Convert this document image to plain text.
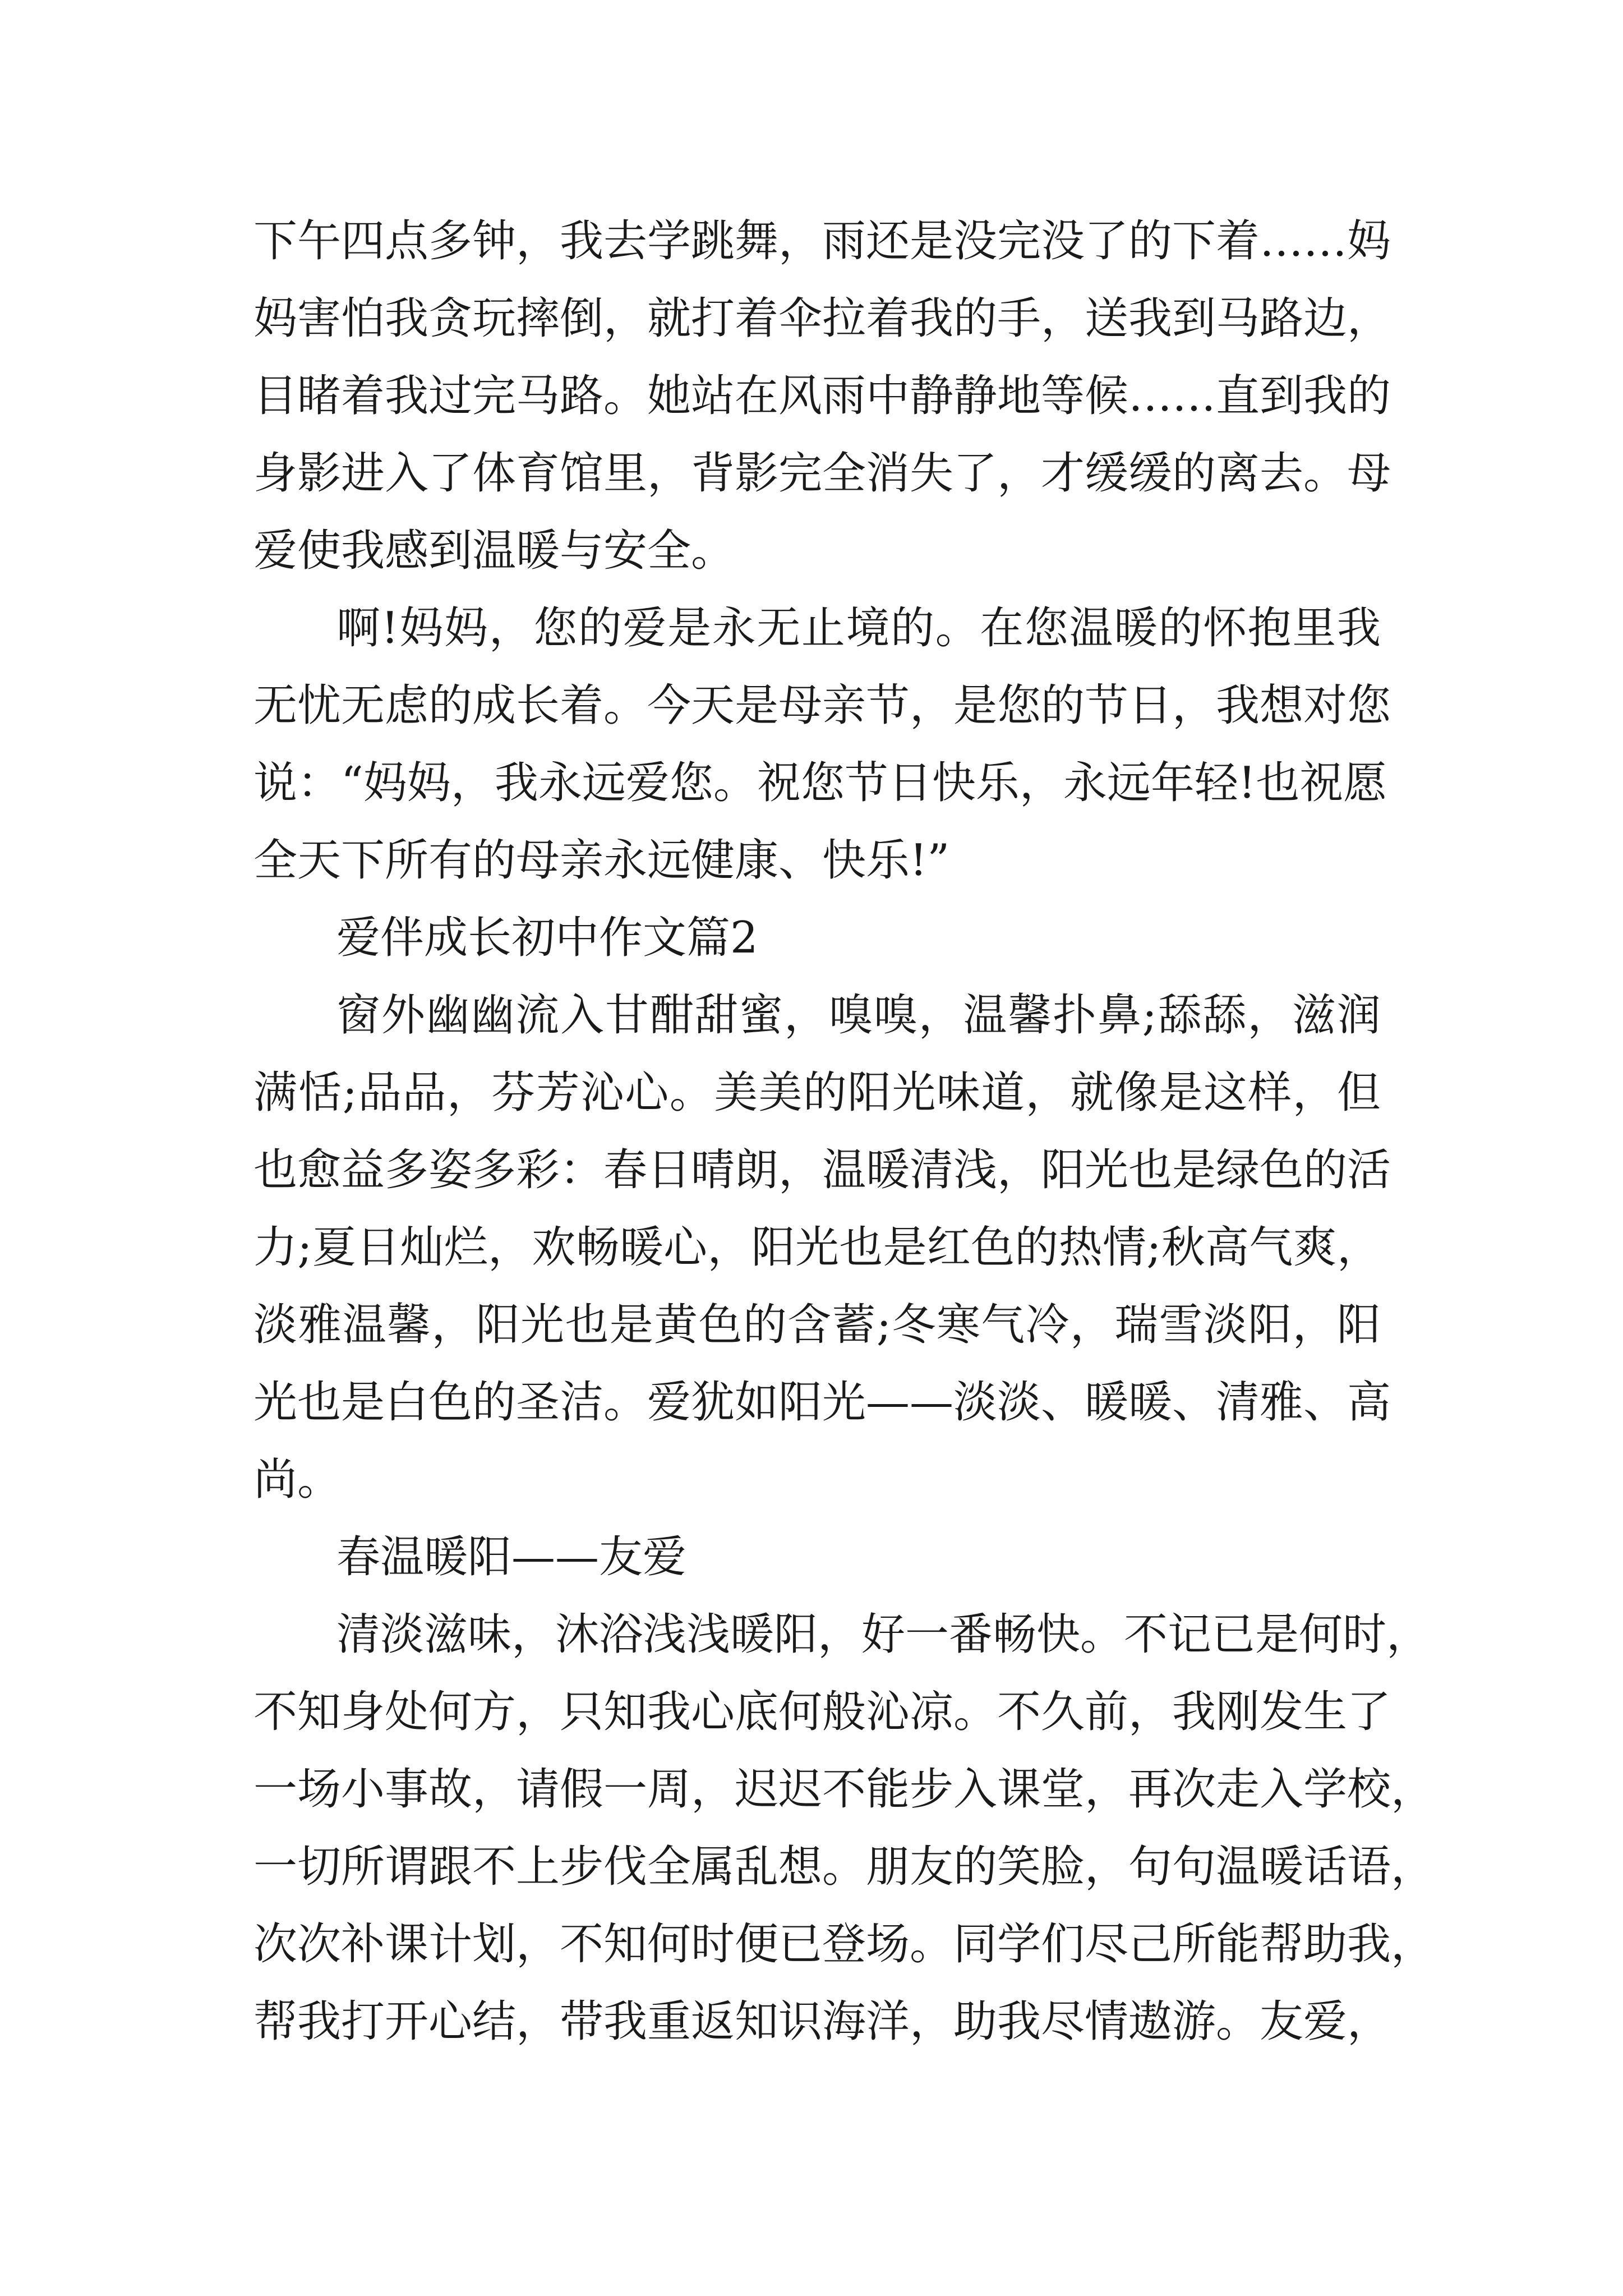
下午四点多钟，我去学跳舞，雨还是没完没了的下着……妈
妈害怕我贪玩摔倒，就打着伞拉着我的手，送我到马路边，
目睹着我过完马路。她站在风雨中静静地等候……直到我的
身影进入了体育馆里，背影完全消失了，才缓缓的离去。母
爱使我感到温暖与安全。
啊!妈妈，您的爱是永无止境的。在您温暖的怀抱里我
无忧无虑的成长着。今天是母亲节，是您的节日，我想对您
说：“妈妈，我永远爱您。祝您节日快乐，永远年轻!也祝愿
全天下所有的母亲永远健康、快乐!”
爱伴成长初中作文篇2
窗外幽幽流入甘酣甜蜜，嗅嗅，温馨扑鼻;舔舔，滋润
满恬;品品，芬芳沁心。美美的阳光味道，就像是这样，但
也愈益多姿多彩：春日晴朗，温暖清浅，阳光也是绿色的活
力;夏日灿烂，欢畅暖心，阳光也是红色的热情;秋高气爽，
淡雅温馨，阳光也是黄色的含蓄;冬寒气冷，瑞雪淡阳，阳
光也是白色的圣洁。爱犹如阳光——淡淡、暖暖、清雅、高
尚。
春温暖阳——友爱
清淡滋味，沐浴浅浅暖阳，好一番畅快。不记已是何时，
不知身处何方，只知我心底何般沁凉。不久前，我刚发生了
一场小事故，请假一周，迟迟不能步入课堂，再次走入学校，
一切所谓跟不上步伐全属乱想。朋友的笑脸，句句温暖话语，
次次补课计划，不知何时便已登场。同学们尽己所能帮助我，
帮我打开心结，带我重返知识海洋，助我尽情遨游。友爱，
